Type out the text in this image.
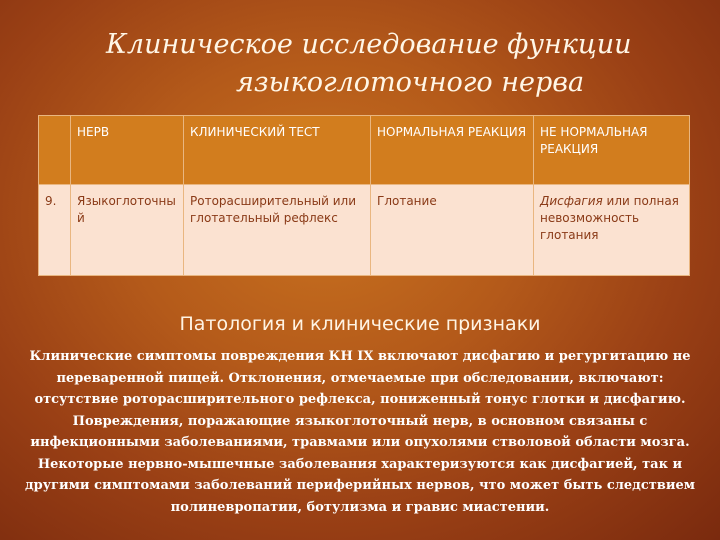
Клиническое исследование функции
языкоглоточного нерва
	НЕРВ	КЛИНИЧЕСКИЙ ТЕСТ	НОРМАЛЬНАЯ РЕАКЦИЯ	НЕ НОРМАЛЬНАЯ РЕАКЦИЯ
9.	Языкоглоточный	Роторасширительный или глотательный рефлекс	Глотание	Дисфагия или полная невозможность глотания
Патология и клинические признаки
Клинические симптомы повреждения КН IX включают дисфагию и регургитацию не переваренной пищей. Отклонения, отмечаемые при обследовании, включают: отсутствие роторасширительного рефлекса, пониженный тонус глотки и дисфагию. Повреждения, поражающие языкоглоточный нерв, в основном связаны с инфекционными заболеваниями, травмами или опухолями стволовой области мозга. Некоторые нервно-мышечные заболевания характеризуются как дисфагией, так и другими симптомами заболеваний периферийных нервов, что может быть следствием полиневропатии, ботулизма и гравис миастении.
